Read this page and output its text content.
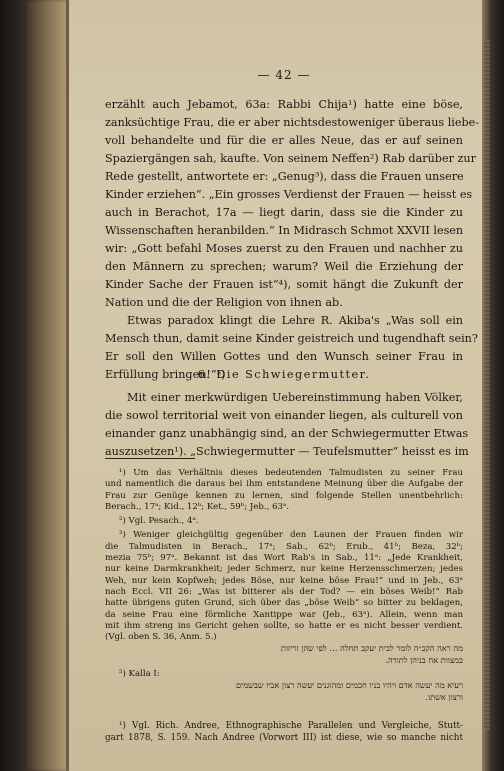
— 42 —
erzählt auch Jebamot, 63a: Rabbi Chija¹) hatte eine böse,
zanksüchtige Frau, die er aber nichtsdestoweniger überaus liebe-
voll behandelte und für die er alles Neue, das er auf seinen
Spaziergängen sah, kaufte. Von seinem Neffen²) Rab darüber zur
Rede gestellt, antwortete er: „Genug³), dass die Frauen unsere
Kinder erziehen“. „Ein grosses Verdienst der Frauen — heisst es
auch in Berachot, 17a — liegt darin, dass sie die Kinder zu
Wissenschaften heranbilden.“ In Midrasch Schmot XXVII lesen
wir: „Gott befahl Moses zuerst zu den Frauen und nachher zu
den Männern zu sprechen; warum? Weil die Erziehung der
Kinder Sache der Frauen ist“⁴), somit hängt die Zukunft der
Nation und die der Religion von ihnen ab.
Etwas paradox klingt die Lehre R. Akiba's „Was soll ein
Mensch thun, damit seine Kinder geistreich und tugendhaft sein?
Er soll den Willen Gottes und den Wunsch seiner Frau in
Erfüllung bringen!“⁵)
6. Die Schwiegermutter.
Mit einer merkwürdigen Uebereinstimmung haben Völker,
die sowol territorial weit von einander liegen, als culturell von
einander ganz unabhängig sind, an der Schwiegermutter Etwas
auszusetzen¹). „Schwiegermutter — Teufelsmutter“ heisst es im
¹) Um das Verhältnis dieses bedeutenden Talmudisten zu seiner Frau
und namentlich die daraus bei ihm entstandene Meinung über die Aufgabe der
Frau zur Genüge kennen zu lernen, sind folgende Stellen unentbehrlich:
Berach., 17ᵃ; Kid., 12ᵇ; Ket., 59ᵇ; Jeb., 63ᵃ.
²) Vgl. Pesach., 4ᵃ.
³) Weniger gleichgültig gegenüber den Launen der Frauen finden wir
die Talmudisten in Berach., 17ᵃ; Sab., 62ᵇ; Erub., 41ᵇ; Beza, 32ᵇ;
mezia 75ᵇ; 97ᵃ. Bekannt ist das Wort Rab's in Sab., 11ᵃ: „Jede Krankheit,
nur keine Darmkrankheit; jeder Schmerz, nur keine Herzensschmerzen; jedes
Weh, nur kein Kopfweh; jedes Böse, nur keine böse Frau!“ und in Jeb., 63ᵃ
nach Eccl. VII 26: „Was ist bitterer als der Tod? — ein böses Weib!“ Rab
hatte übrigens guten Grund, sich über das „böse Weib“ so bitter zu beklagen,
da seine Frau eine förmliche Xantippe war (Jeb., 63ᵃ). Allein, wenn man
mit ihm streng ins Gericht gehen sollte, so hatte er es nicht besser verdient.
(Vgl. oben S. 36, Anm. 5.)
מה ראה הקב״ה לומר לבית יעקב תחלה … לפי שהן זריזות
במצוות אח בניהן לתורה.
⁵) Kalla I:
רעיא מה יעשה אדם ויהיו בניו חכמים ומהוגנים יעשה רצון אביו שבשמים
ורצון אשתו.
¹) Vgl. Rich. Andree, Ethnographische Parallelen und Vergleiche, Stutt-
gart 1878, S. 159. Nach Andree (Vorwort III) ist diese, wie so manche nicht
